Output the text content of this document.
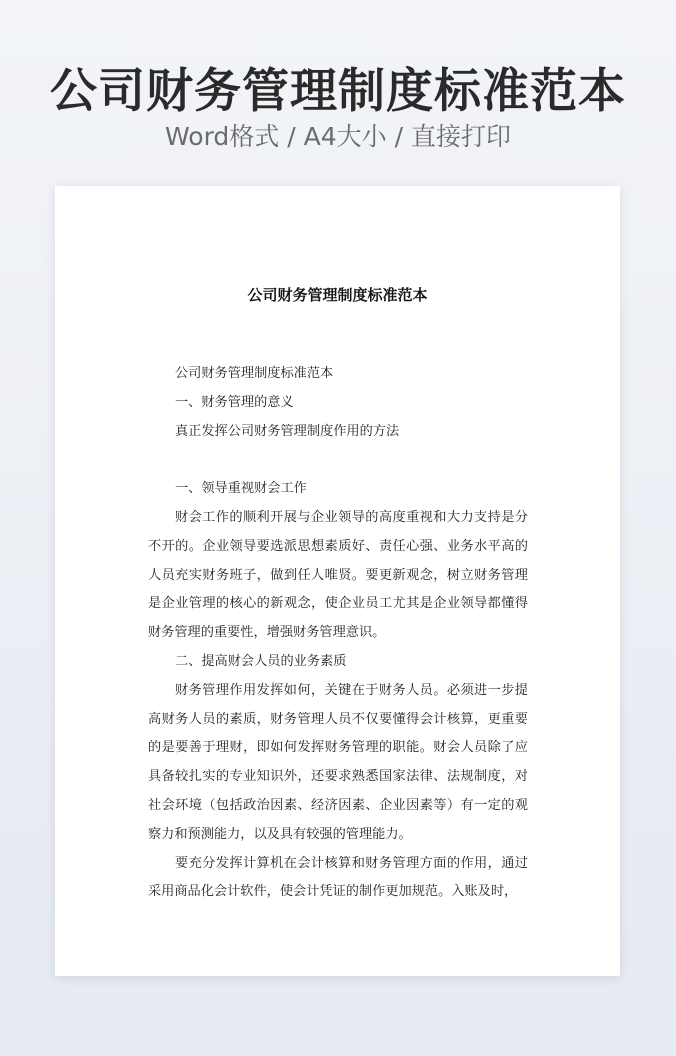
公司财务管理制度标准范本
Word格式 / A4大小 / 直接打印
公司财务管理制度标准范本

公司财务管理制度标准范本

一、财务管理的意义

真正发挥公司财务管理制度作用的方法

一、领导重视财会工作

财会工作的顺利开展与企业领导的高度重视和大力支持是分不开的。企业领导要选派思想素质好、责任心强、业务水平高的人员充实财务班子，做到任人唯贤。要更新观念，树立财务管理是企业管理的核心的新观念，使企业员工尤其是企业领导都懂得财务管理的重要性，增强财务管理意识。

二、提高财会人员的业务素质

财务管理作用发挥如何，关键在于财务人员。必须进一步提高财务人员的素质，财务管理人员不仅要懂得会计核算，更重要的是要善于理财，即如何发挥财务管理的职能。财会人员除了应具备较扎实的专业知识外，还要求熟悉国家法律、法规制度，对社会环境（包括政治因素、经济因素、企业因素等）有一定的观察力和预测能力，以及具有较强的管理能力。

要充分发挥计算机在会计核算和财务管理方面的作用，通过采用商品化会计软件，使会计凭证的制作更加规范。入账及时，
